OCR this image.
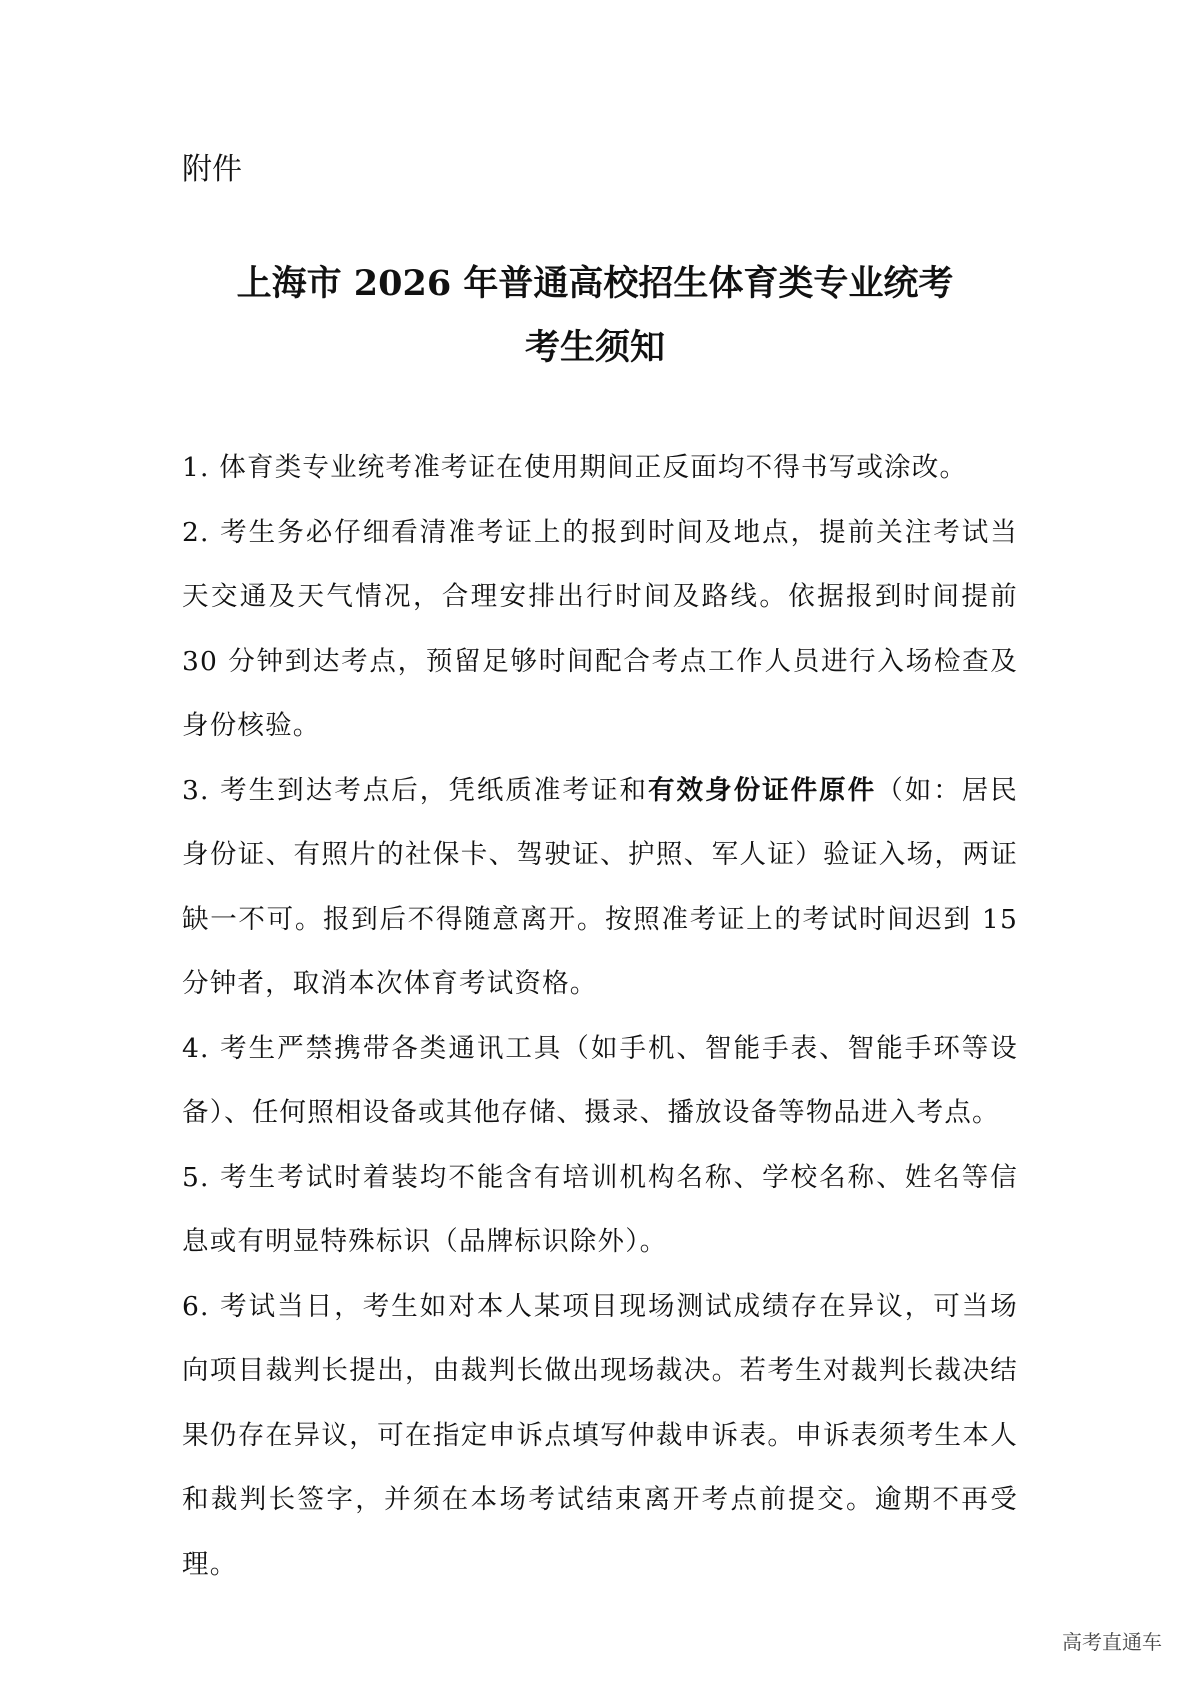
附件
上海市 2026 年普通高校招生体育类专业统考
考生须知

1. 体育类专业统考准考证在使用期间正反面均不得书写或涂改。

2. 考生务必仔细看清准考证上的报到时间及地点，提前关注考试当天交通及天气情况，合理安排出行时间及路线。依据报到时间提前 30 分钟到达考点，预留足够时间配合考点工作人员进行入场检查及身份核验。

3. 考生到达考点后，凭纸质准考证和有效身份证件原件（如：居民身份证、有照片的社保卡、驾驶证、护照、军人证）验证入场，两证缺一不可。报到后不得随意离开。按照准考证上的考试时间迟到 15 分钟者，取消本次体育考试资格。

4. 考生严禁携带各类通讯工具（如手机、智能手表、智能手环等设备）、任何照相设备或其他存储、摄录、播放设备等物品进入考点。

5. 考生考试时着装均不能含有培训机构名称、学校名称、姓名等信息或有明显特殊标识（品牌标识除外）。

6. 考试当日，考生如对本人某项目现场测试成绩存在异议，可当场向项目裁判长提出，由裁判长做出现场裁决。若考生对裁判长裁决结果仍存在异议，可在指定申诉点填写仲裁申诉表。申诉表须考生本人和裁判长签字，并须在本场考试结束离开考点前提交。逾期不再受理。

高考直通车
